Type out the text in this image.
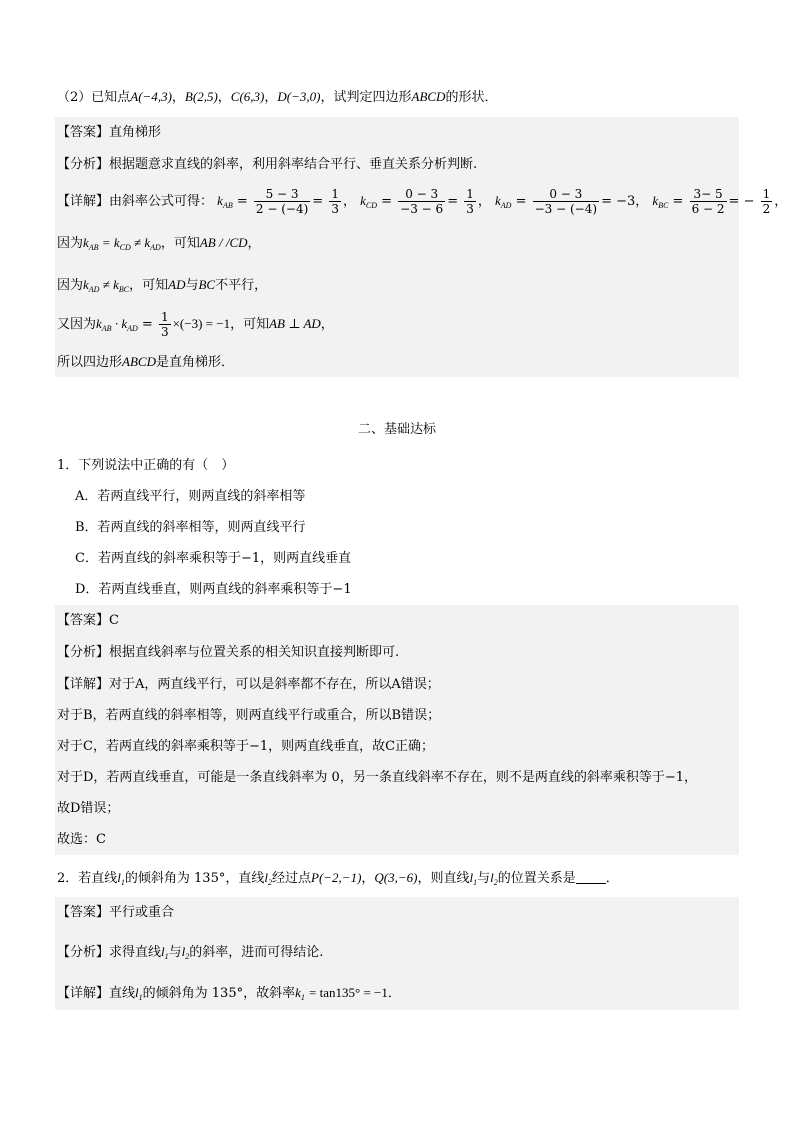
（2）已知点A(−4,3)，B(2,5)，C(6,3)，D(−3,0)，试判定四边形ABCD的形状．
【答案】直角梯形
【分析】根据题意求直线的斜率，利用斜率结合平行、垂直关系分析判断.
【详解】由斜率公式可得： $k_{AB} = \frac{5 - 3}{2 - (-4)} = \frac{1}{3}$ ， $k_{CD} = \frac{0 - 3}{-3 - 6} = \frac{1}{3}$ ， $k_{AD} = \frac{0 - 3}{-3 - (-4)} = -3$， $k_{BC} = \frac{3- 5}{6 - 2}$ = − $\frac{1}{2}$ ，
因为$k_{AB} = k_{CD} \ne k_{AD}$，可知AB / /CD，
因为$k_{AD} \ne k_{BC}$，可知AD与BC不平行，
又因为$k_{AB} \cdot k_{AD} = \frac{1}{3} \times(-3) = -1$，可知AB ⊥ AD，
所以四边形ABCD是直角梯形．
二、基础达标
1．下列说法中正确的有（　）
A．若两直线平行，则两直线的斜率相等
B．若两直线的斜率相等，则两直线平行
C．若两直线的斜率乘积等于−1，则两直线垂直
D．若两直线垂直，则两直线的斜率乘积等于−1
【答案】C
【分析】根据直线斜率与位置关系的相关知识直接判断即可.
【详解】对于A，两直线平行，可以是斜率都不存在，所以A错误；
对于B，若两直线的斜率相等，则两直线平行或重合，所以B错误；
对于C，若两直线的斜率乘积等于−1，则两直线垂直，故C正确；
对于D，若两直线垂直，可能是一条直线斜率为 0，另一条直线斜率不存在，则不是两直线的斜率乘积等于−1，
故D错误；
故选：C
2．若直线$l_1$的倾斜角为 135°，直线$l_2$经过点P(−2,−1)，Q(3,−6)，则直线$l_1$与$l_2$的位置关系是 ．
【答案】平行或重合
【分析】求得直线$l_1$与$l_2$的斜率，进而可得结论.
【详解】直线$l_1$的倾斜角为 135°，故斜率$k_1 = \tan 135^\circ = -1$．
